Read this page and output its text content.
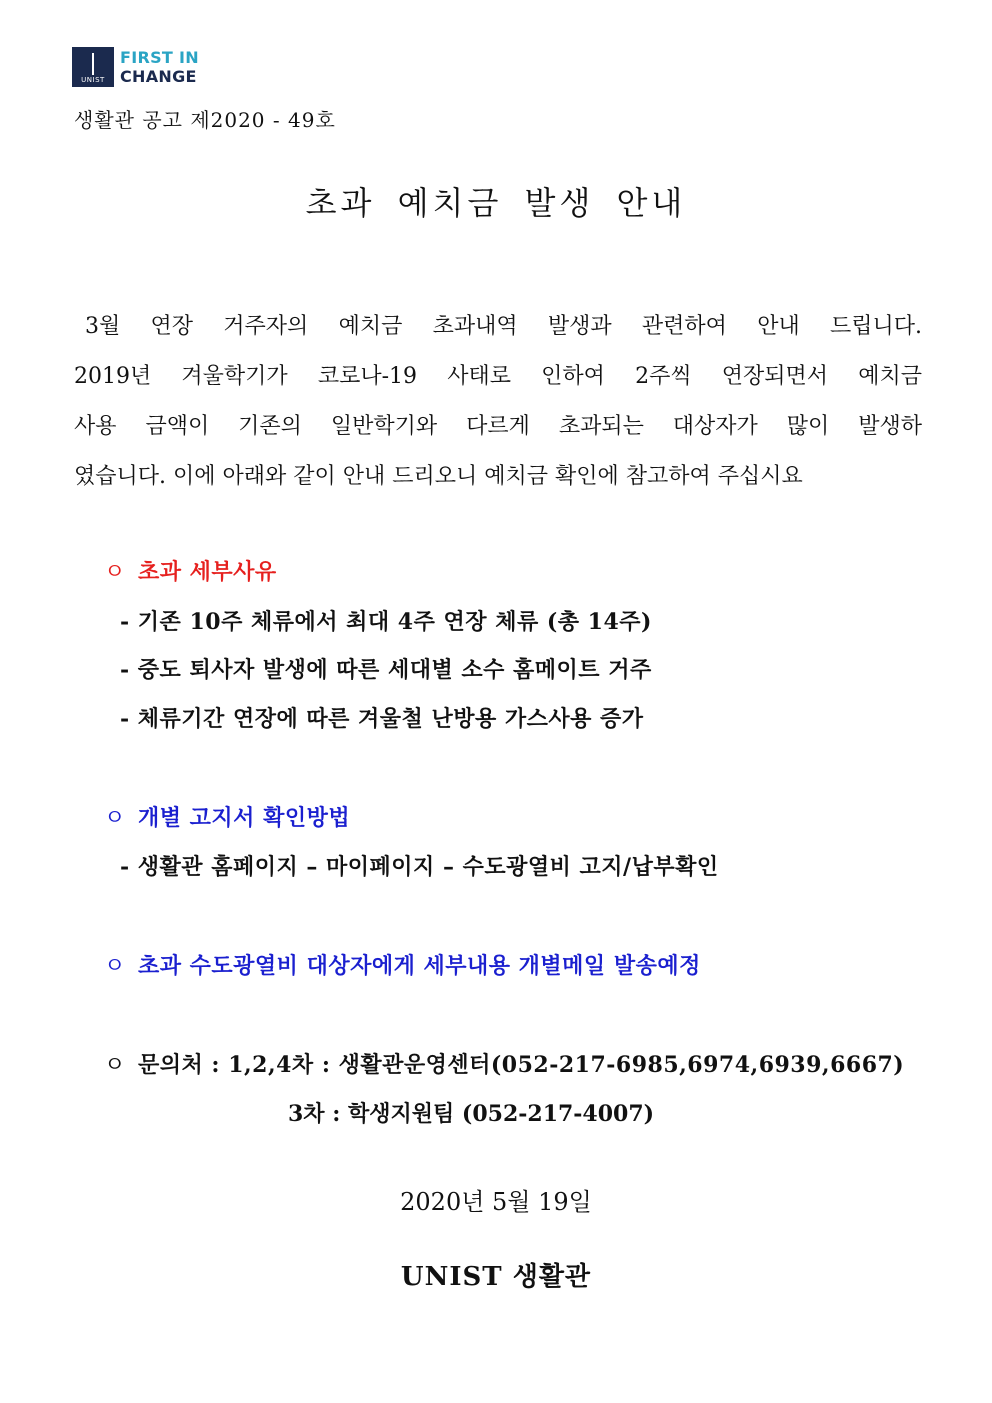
UNIST
FIRST IN
CHANGE
생활관 공고 제2020 - 49호
초과 예치금 발생 안내
3월 연장 거주자의 예치금 초과내역 발생과 관련하여 안내 드립니다.
2019년 겨울학기가 코로나-19 사태로 인하여 2주씩 연장되면서 예치금
사용 금액이 기존의 일반학기와 다르게 초과되는 대상자가 많이 발생하
였습니다. 이에 아래와 같이 안내 드리오니 예치금 확인에 참고하여 주십시요
ㅇ 초과 세부사유
- 기존 10주 체류에서 최대 4주 연장 체류 (총 14주)
- 중도 퇴사자 발생에 따른 세대별 소수 홈메이트 거주
- 체류기간 연장에 따른 겨울철 난방용 가스사용 증가
ㅇ 개별 고지서 확인방법
- 생활관 홈페이지 – 마이페이지 – 수도광열비 고지/납부확인
ㅇ 초과 수도광열비 대상자에게 세부내용 개별메일 발송예정
ㅇ 문의처 : 1,2,4차 : 생활관운영센터(052-217-6985,6974,6939,6667)
3차 : 학생지원팀 (052-217-4007)
2020년 5월 19일
UNIST 생활관
